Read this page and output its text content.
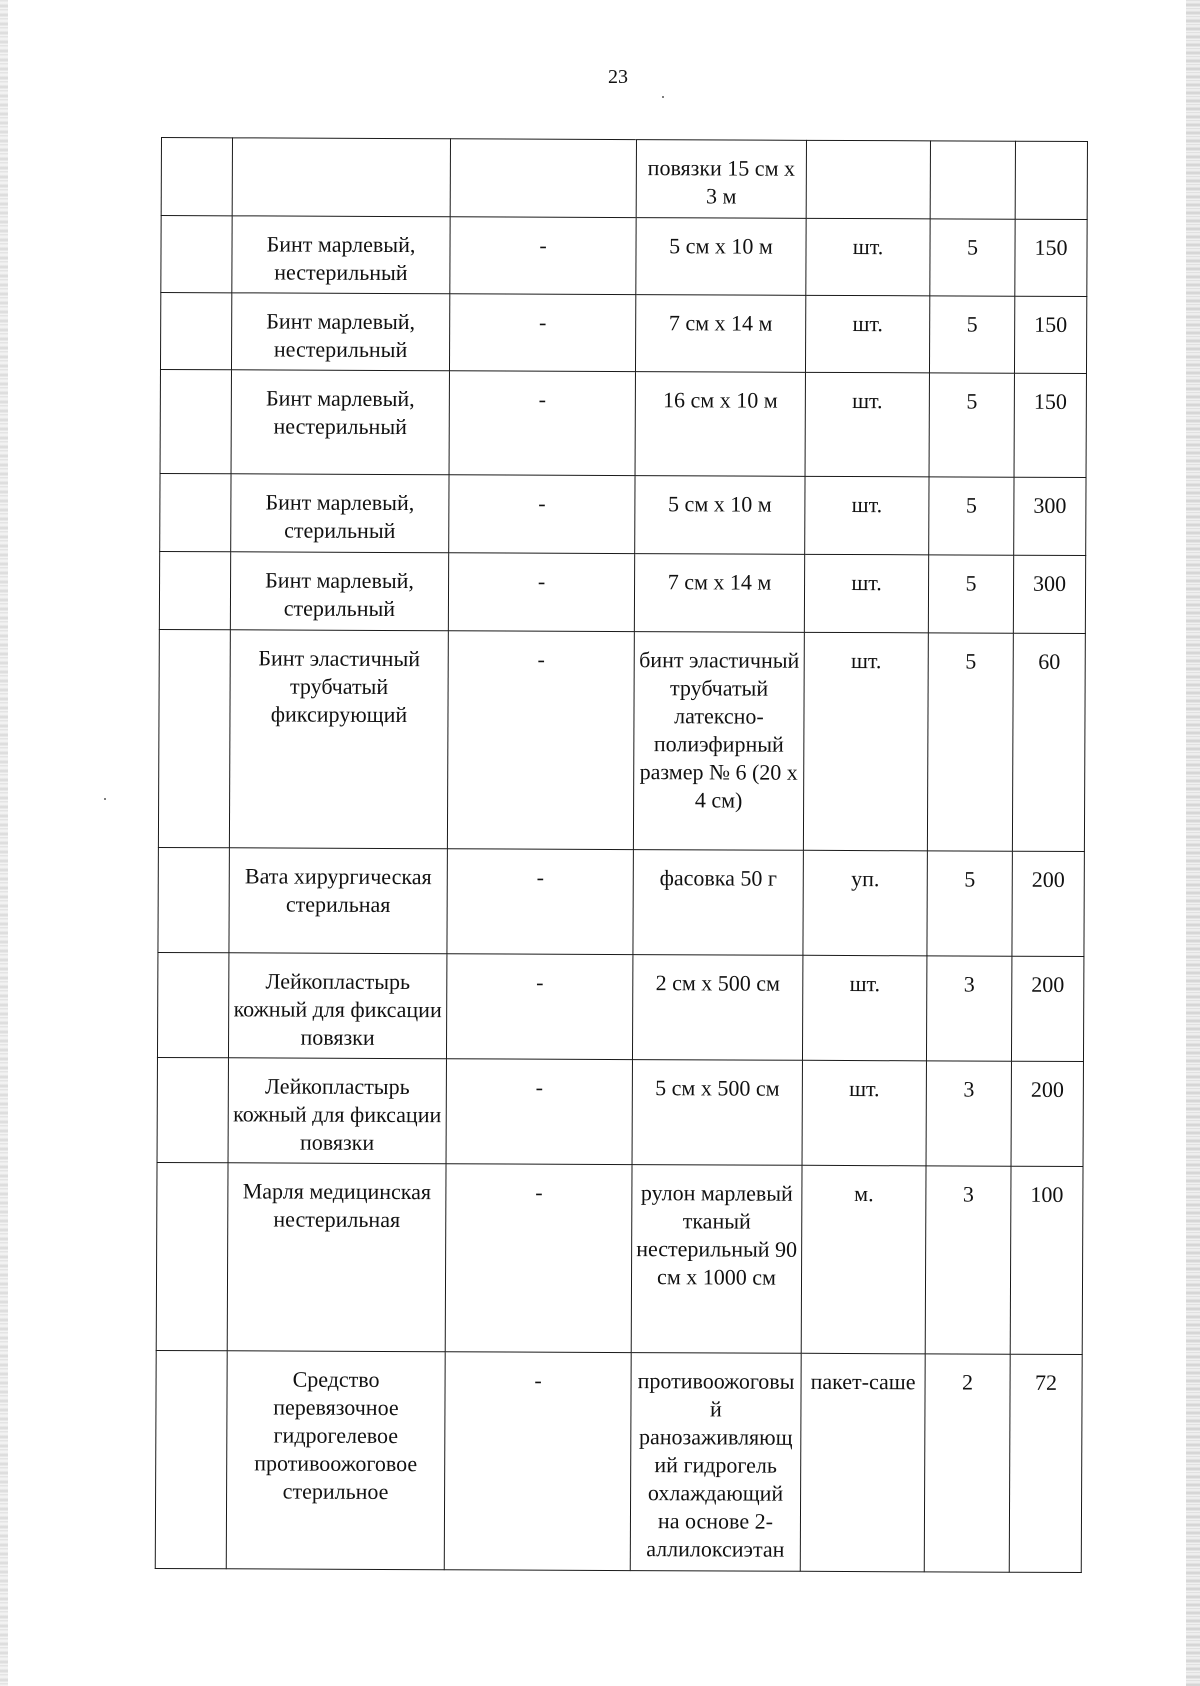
23
			повязки 15 см х 3 м			
	Бинт марлевый, нестерильный	-	5 см х 10 м	шт.	5	150
	Бинт марлевый, нестерильный	-	7 см х 14 м	шт.	5	150
	Бинт марлевый, нестерильный	-	16 см х 10 м	шт.	5	150
	Бинт марлевый, стерильный	-	5 см х 10 м	шт.	5	300
	Бинт марлевый, стерильный	-	7 см х 14 м	шт.	5	300
	Бинт эластичный трубчатый фиксирующий	-	бинт эластичный трубчатый латексно-полиэфирный размер № 6 (20 х 4 см)	шт.	5	60
	Вата хирургическая стерильная	-	фасовка 50 г	уп.	5	200
	Лейкопластырь кожный для фиксации повязки	-	2 см х 500 см	шт.	3	200
	Лейкопластырь кожный для фиксации повязки	-	5 см х 500 см	шт.	3	200
	Марля медицинская нестерильная	-	рулон марлевый тканый нестерильный 90 см х 1000 см	м.	3	100
	Средство перевязочное гидрогелевое противоожоговое стерильное	-	противоожоговый ранозаживляющий гидрогель охлаждающий на основе 2-аллилоксиэтан	пакет-саше	2	72
